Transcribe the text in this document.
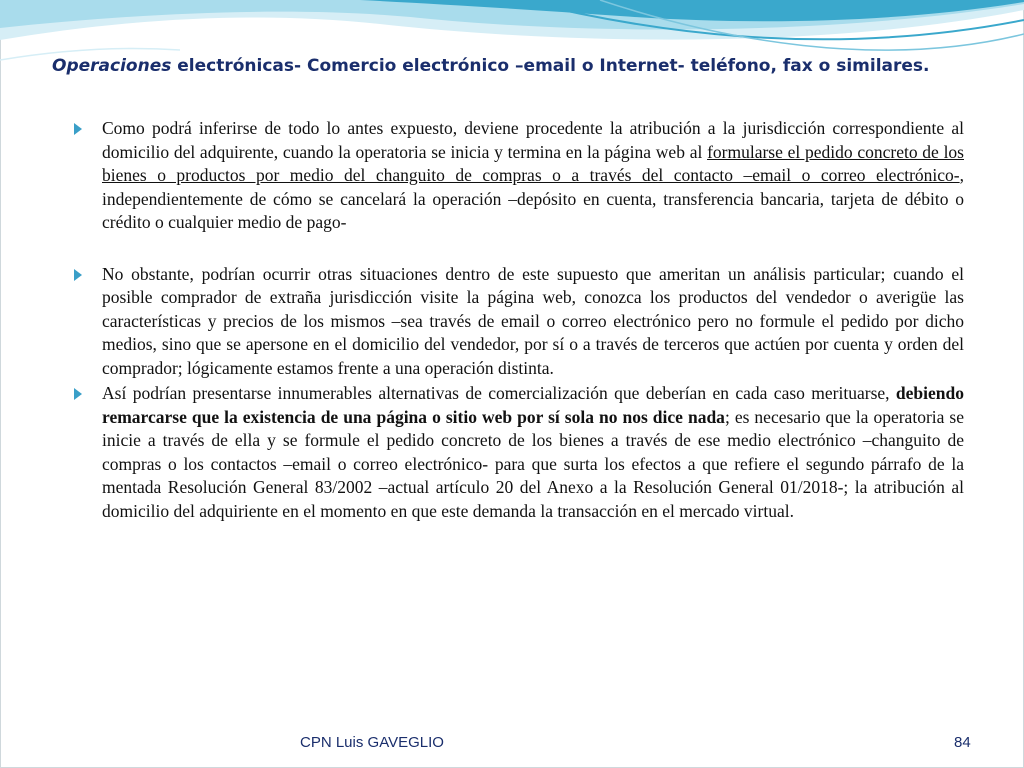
Operaciones electrónicas- Comercio electrónico –email o Internet- teléfono, fax o similares.

Como podrá inferirse de todo lo antes expuesto, deviene procedente la atribución a la jurisdicción correspondiente al domicilio del adquirente, cuando la operatoria se inicia y termina en la página web al formularse el pedido concreto de los bienes o productos por medio del changuito de compras o a través del contacto –email o correo electrónico-, independientemente de cómo se cancelará la operación –depósito en cuenta, transferencia bancaria, tarjeta de débito o crédito o cualquier medio de pago-

No obstante, podrían ocurrir otras situaciones dentro de este supuesto que ameritan un análisis particular; cuando el posible comprador de extraña jurisdicción visite la página web, conozca los productos del vendedor o averigüe las características y precios de los mismos –sea través de email o correo electrónico pero no formule el pedido por dicho medios, sino que se apersone en el domicilio del vendedor, por sí o a través de terceros que actúen por cuenta y orden del comprador; lógicamente estamos frente a una operación distinta.

Así podrían presentarse innumerables alternativas de comercialización que deberían en cada caso merituarse, debiendo remarcarse que la existencia de una página o sitio web por sí sola no nos dice nada; es necesario que la operatoria se inicie a través de ella y se formule el pedido concreto de los bienes a través de ese medio electrónico –changuito de compras o los contactos –email o correo electrónico- para que surta los efectos a que refiere el segundo párrafo de la mentada Resolución General 83/2002 –actual artículo 20 del Anexo a la Resolución General 01/2018-; la atribución al domicilio del adquiriente en el momento en que este demanda la transacción en el mercado virtual.

CPN Luis GAVEGLIO	84
